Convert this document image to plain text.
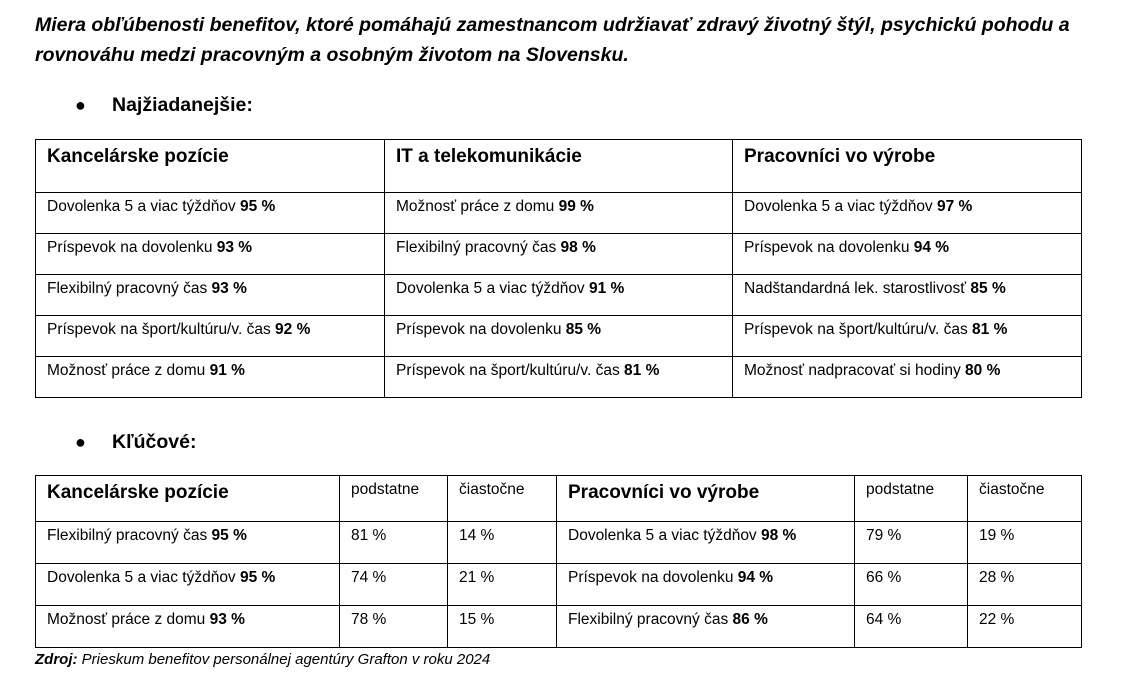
Miera obľúbenosti benefitov, ktoré pomáhajú zamestnancom udržiavať zdravý životný štýl, psychickú pohodu a rovnováhu medzi pracovným a osobným životom na Slovensku.
●	Najžiadanejšie:
Kancelárske pozície	IT a telekomunikácie	Pracovníci vo výrobe
Dovolenka 5 a viac týždňov 95 %	Možnosť práce z domu 99 %	Dovolenka 5 a viac týždňov 97 %
Príspevok na dovolenku 93 %	Flexibilný pracovný čas 98 %	Príspevok na dovolenku 94 %
Flexibilný pracovný čas 93 %	Dovolenka 5 a viac týždňov 91 %	Nadštandardná lek. starostlivosť 85 %
Príspevok na šport/kultúru/v. čas 92 %	Príspevok na dovolenku 85 %	Príspevok na šport/kultúru/v. čas 81 %
Možnosť práce z domu 91 %	Príspevok na šport/kultúru/v. čas 81 %	Možnosť nadpracovať si hodiny 80 %
●	Kľúčové:
Kancelárske pozície	podstatne	čiastočne	Pracovníci vo výrobe	podstatne	čiastočne
Flexibilný pracovný čas 95 %	81 %	14 %	Dovolenka 5 a viac týždňov 98 %	79 %	19 %
Dovolenka 5 a viac týždňov 95 %	74 %	21 %	Príspevok na dovolenku 94 %	66 %	28 %
Možnosť práce z domu 93 %	78 %	15 %	Flexibilný pracovný čas 86 %	64 %	22 %
Zdroj: Prieskum benefitov personálnej agentúry Grafton v roku 2024
